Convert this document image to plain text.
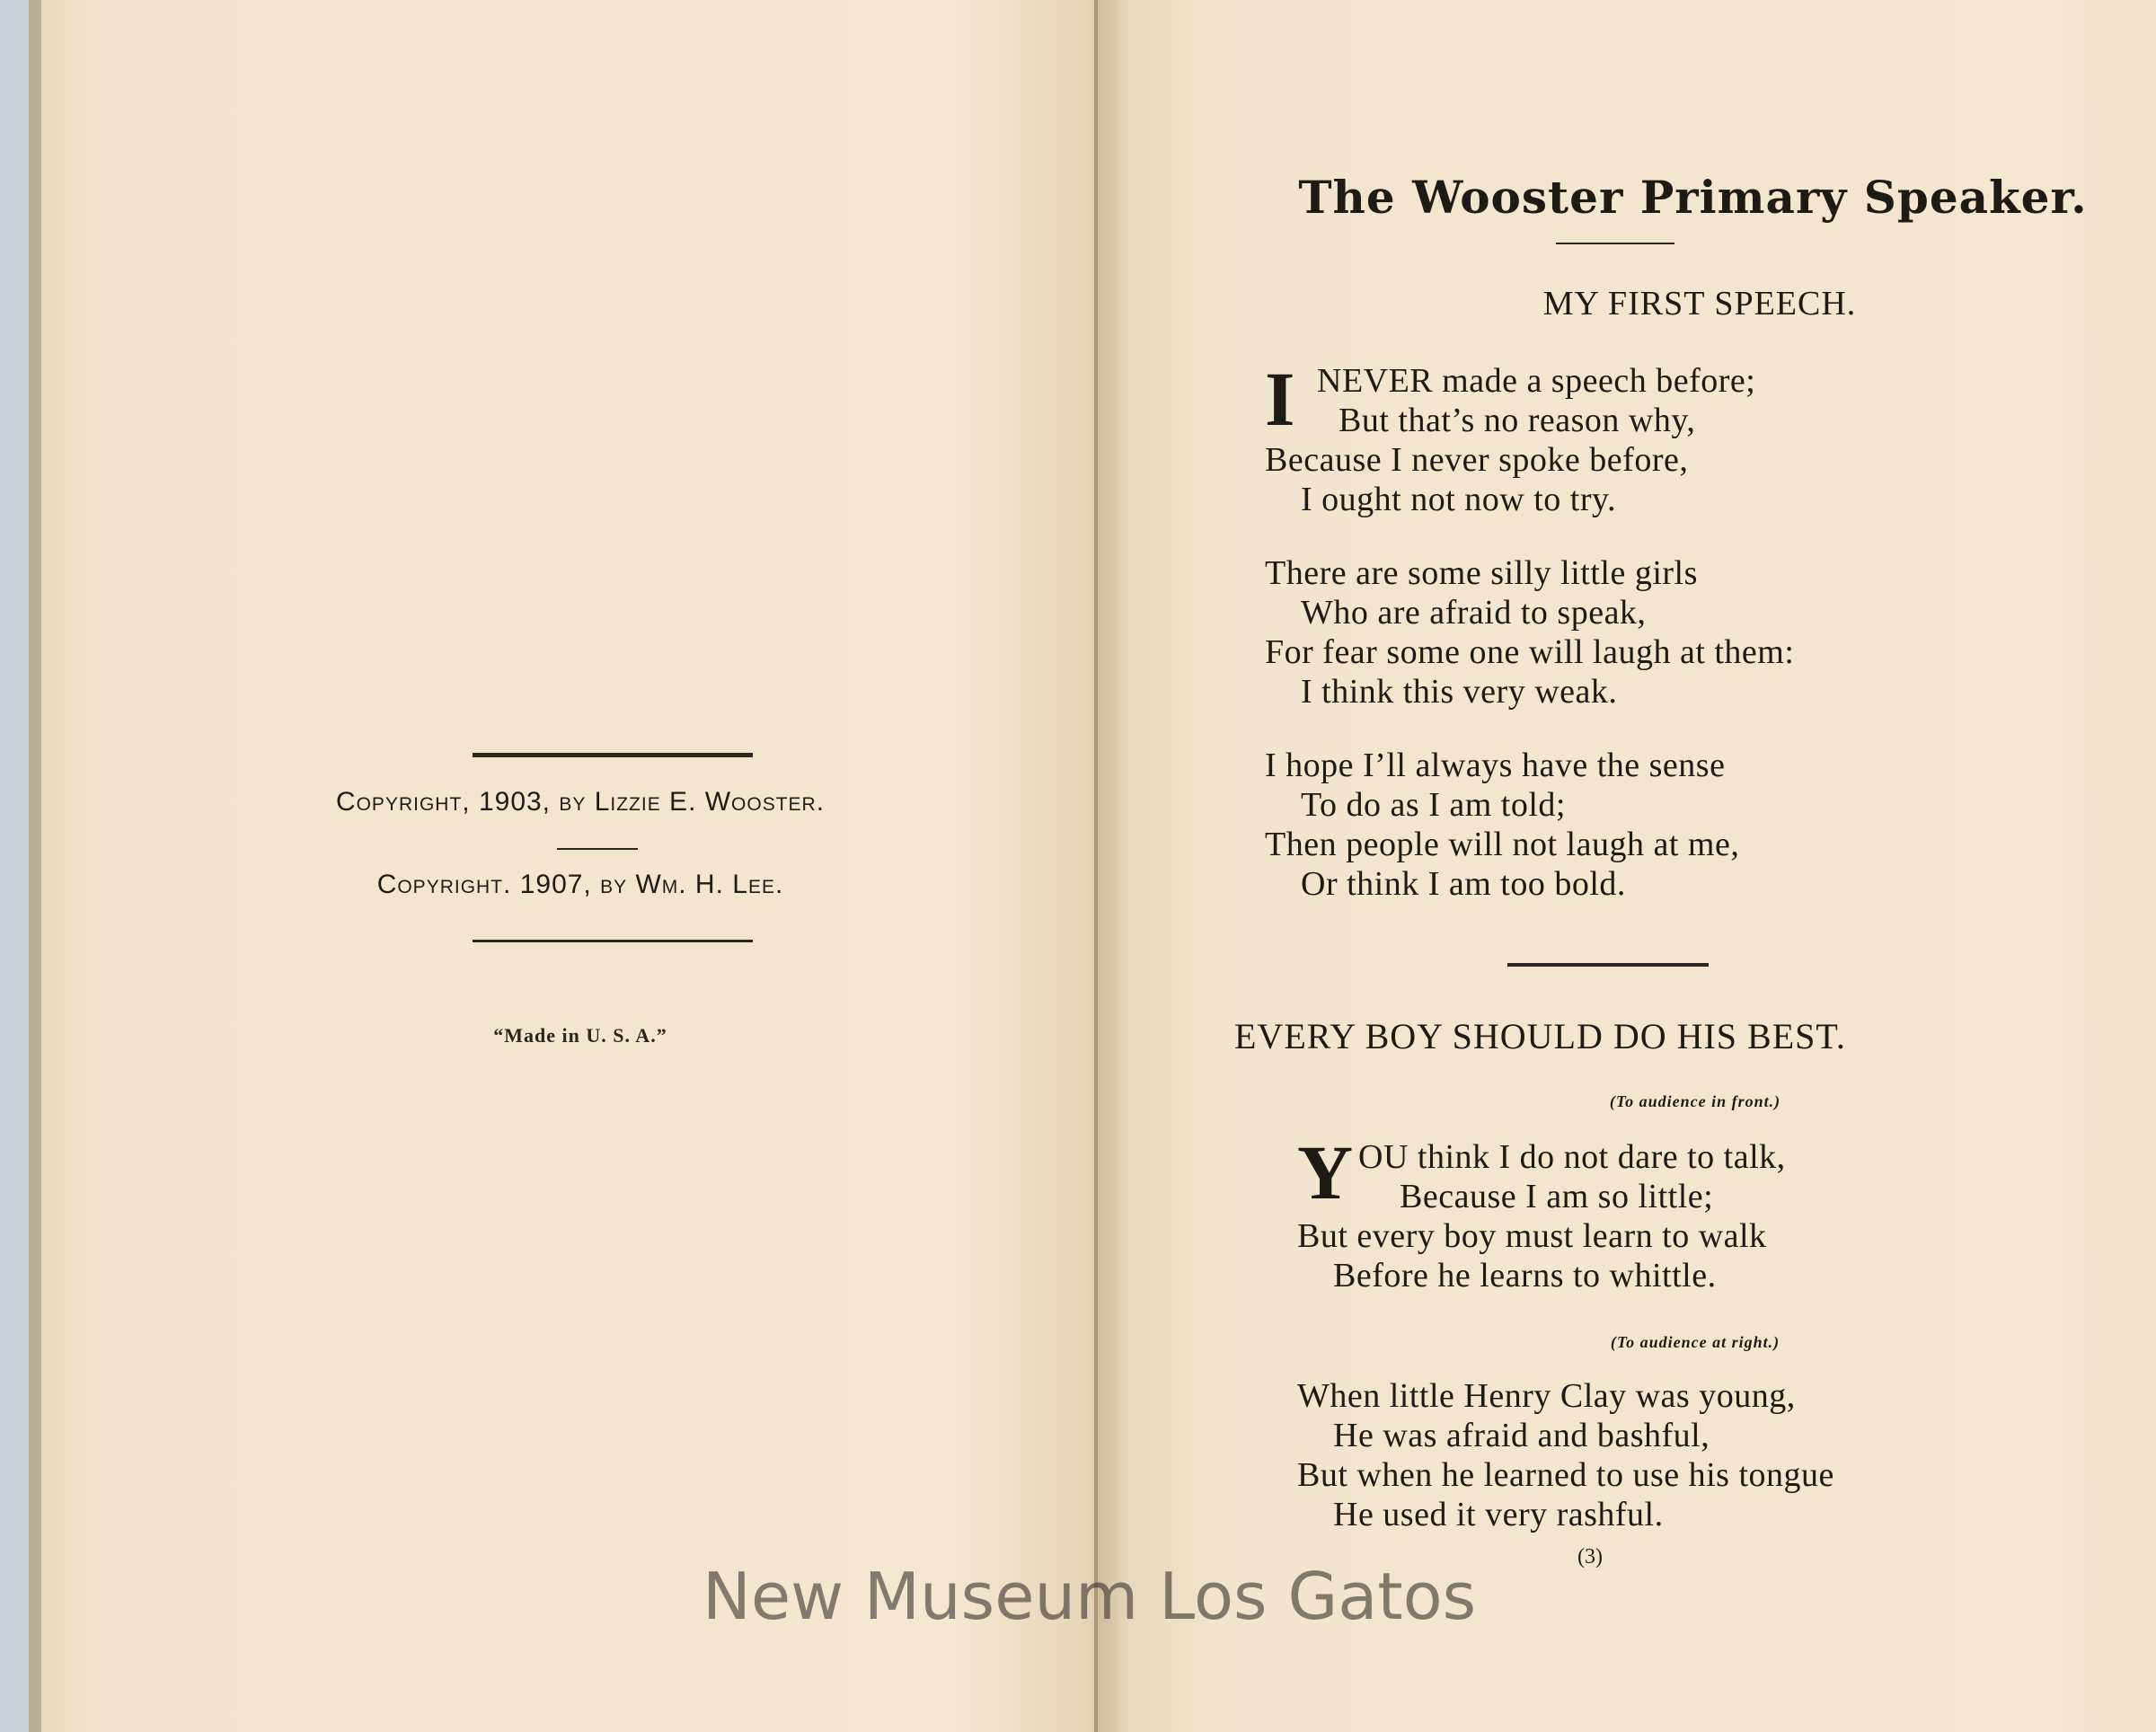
Copyright, 1903, by Lizzie E. Wooster.
Copyright. 1907, by Wm. H. Lee.
“Made in U. S. A.”
The Wooster Primary Speaker.
MY FIRST SPEECH.
I NEVER made a speech before;
But that’s no reason why,
Because I never spoke before,
I ought not now to try.
There are some silly little girls
Who are afraid to speak,
For fear some one will laugh at them:
I think this very weak.
I hope I’ll always have the sense
To do as I am told;
Then people will not laugh at me,
Or think I am too bold.
EVERY BOY SHOULD DO HIS BEST.
(To audience in front.)
Y OU think I do not dare to talk,
Because I am so little;
But every boy must learn to walk
Before he learns to whittle.
(To audience at right.)
When little Henry Clay was young,
He was afraid and bashful,
But when he learned to use his tongue
He used it very rashful.
(3)
New Museum Los Gatos
